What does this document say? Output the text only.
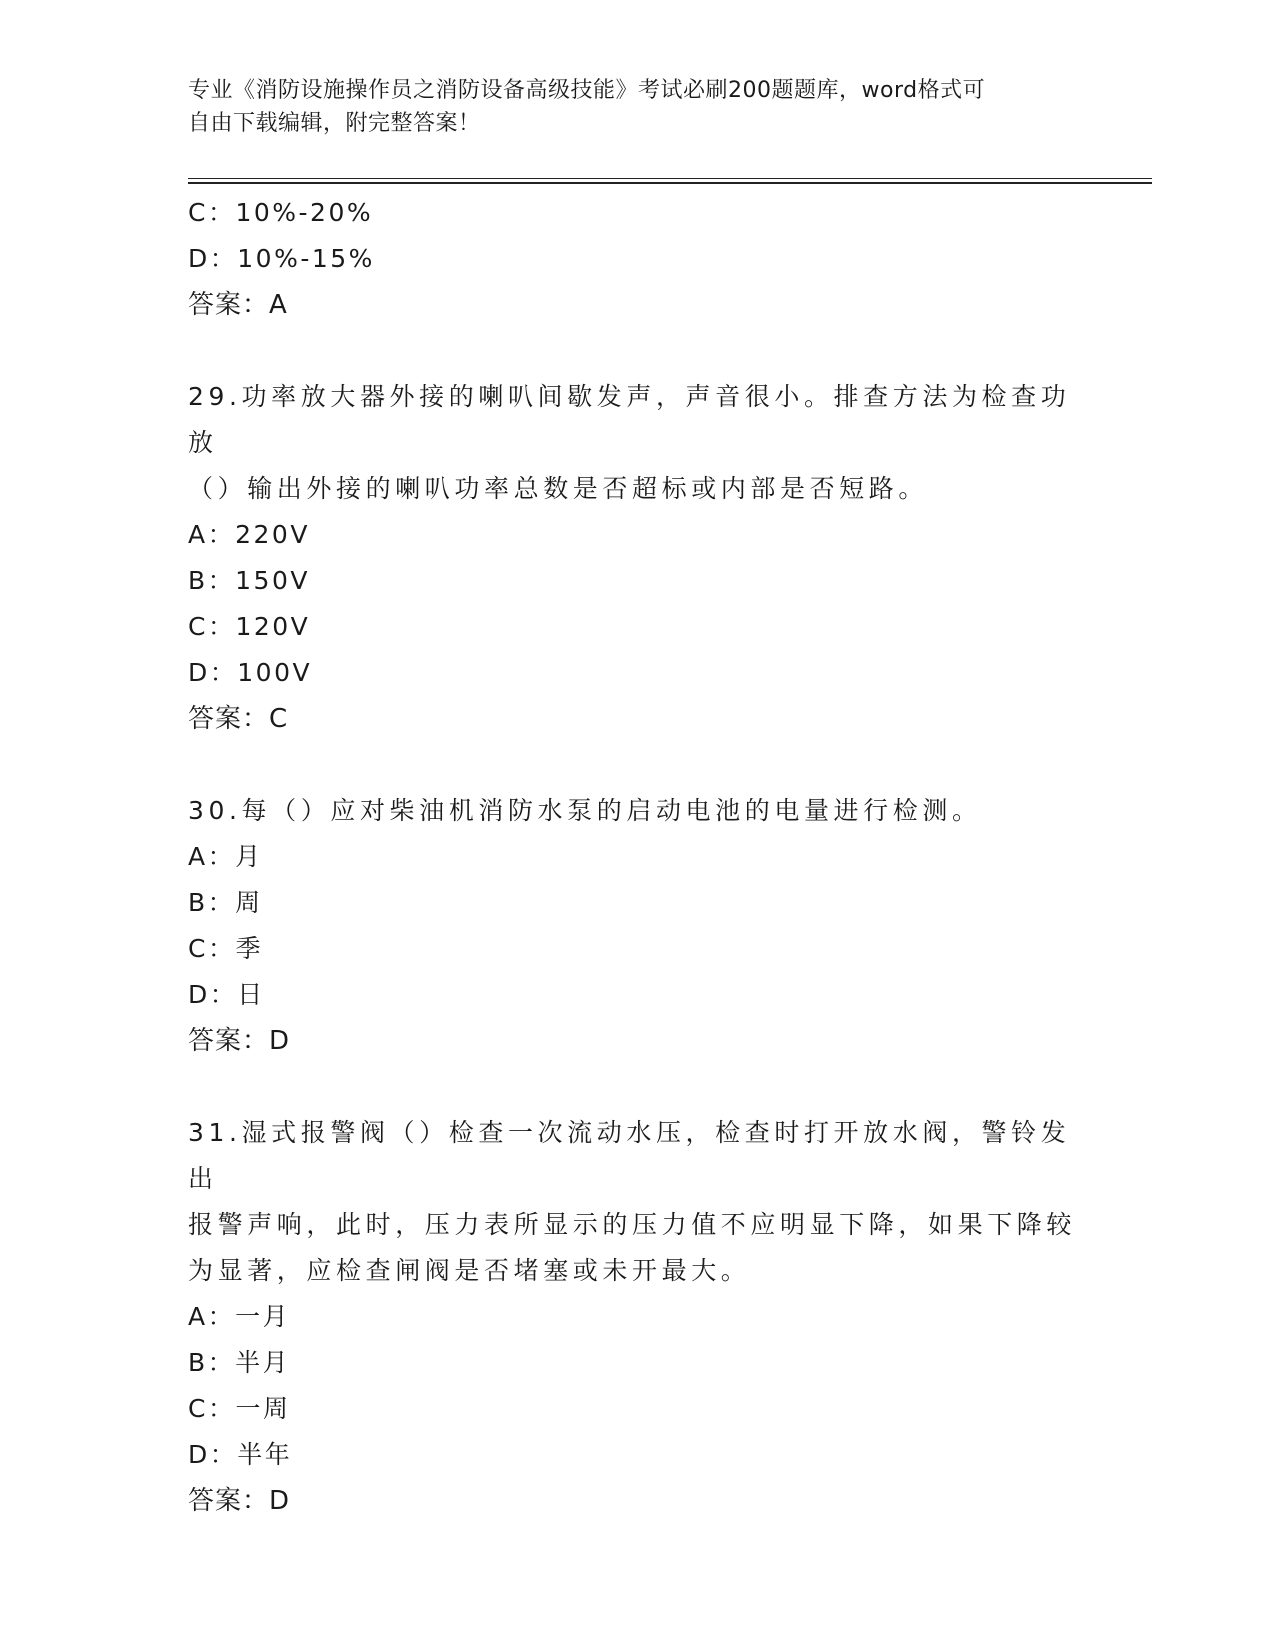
专业《消防设施操作员之消防设备高级技能》考试必刷200题题库，word格式可
自由下载编辑，附完整答案！
C：10%-20%
D：10%-15%
答案：A
29.功率放大器外接的喇叭间歇发声，声音很小。排查方法为检查功放
（）输出外接的喇叭功率总数是否超标或内部是否短路。
A：220V
B：150V
C：120V
D：100V
答案：C
30.每（）应对柴油机消防水泵的启动电池的电量进行检测。
A：月
B：周
C：季
D：日
答案：D
31.湿式报警阀（）检查一次流动水压，检查时打开放水阀，警铃发出
报警声响，此时，压力表所显示的压力值不应明显下降，如果下降较
为显著，应检查闸阀是否堵塞或未开最大。
A：一月
B：半月
C：一周
D：半年
答案：D
